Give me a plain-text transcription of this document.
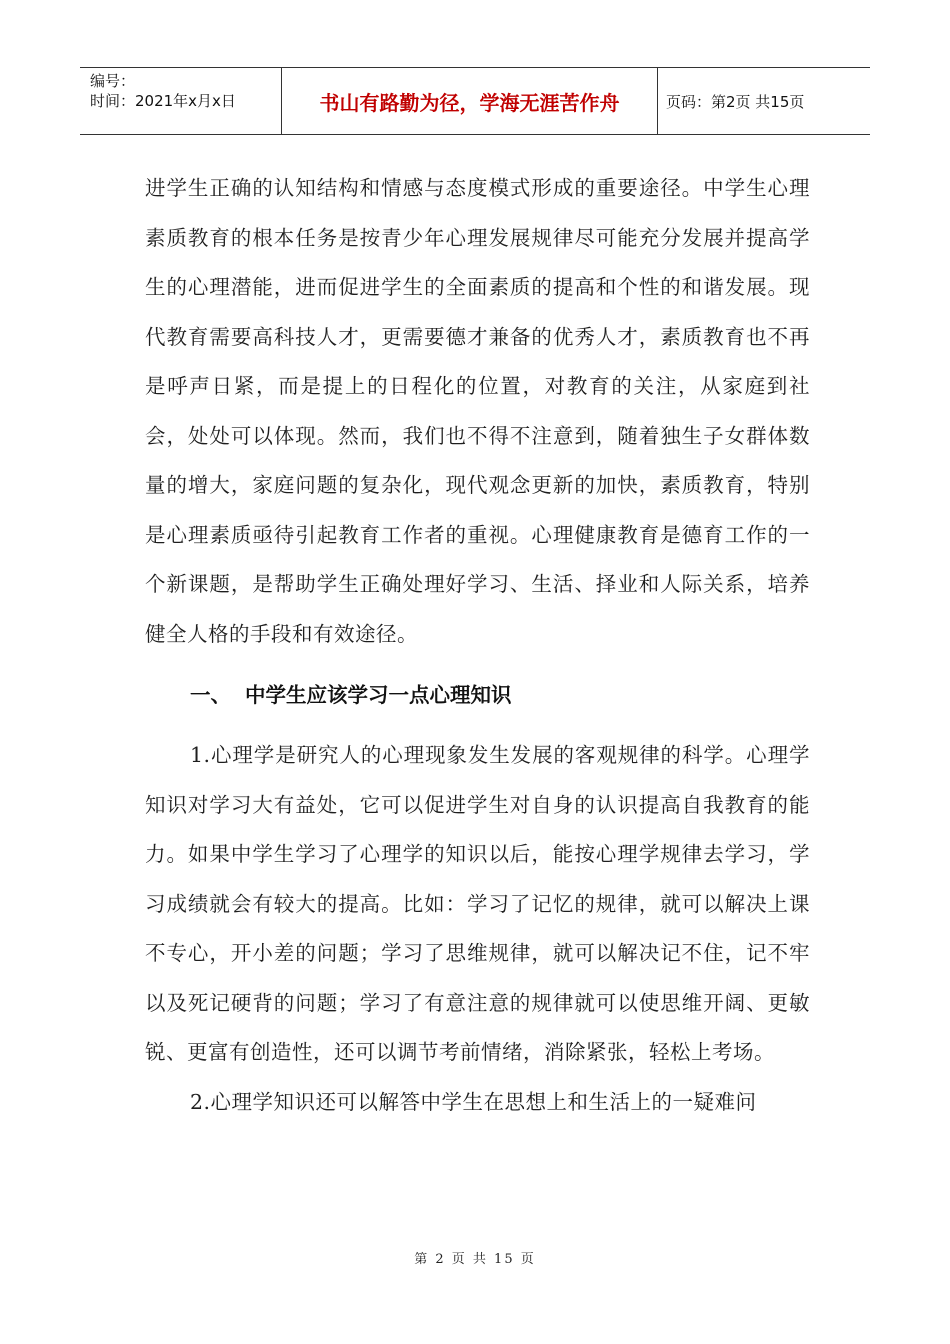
编号：
时间：2021年x月x日	书山有路勤为径，学海无涯苦作舟	页码：第2页 共15页

进学生正确的认知结构和情感与态度模式形成的重要途径。中学生心理素质教育的根本任务是按青少年心理发展规律尽可能充分发展并提高学生的心理潜能，进而促进学生的全面素质的提高和个性的和谐发展。现代教育需要高科技人才，更需要德才兼备的优秀人才，素质教育也不再是呼声日紧，而是提上的日程化的位置，对教育的关注，从家庭到社会，处处可以体现。然而，我们也不得不注意到，随着独生子女群体数量的增大，家庭问题的复杂化，现代观念更新的加快，素质教育，特别是心理素质亟待引起教育工作者的重视。心理健康教育是德育工作的一个新课题，是帮助学生正确处理好学习、生活、择业和人际关系，培养健全人格的手段和有效途径。

一、 中学生应该学习一点心理知识

1.心理学是研究人的心理现象发生发展的客观规律的科学。心理学知识对学习大有益处，它可以促进学生对自身的认识提高自我教育的能力。如果中学生学习了心理学的知识以后，能按心理学规律去学习，学习成绩就会有较大的提高。比如：学习了记忆的规律，就可以解决上课不专心，开小差的问题；学习了思维规律，就可以解决记不住，记不牢以及死记硬背的问题；学习了有意注意的规律就可以使思维开阔、更敏锐、更富有创造性，还可以调节考前情绪，消除紧张，轻松上考场。

2.心理学知识还可以解答中学生在思想上和生活上的一疑难问

第 2 页 共 15 页
